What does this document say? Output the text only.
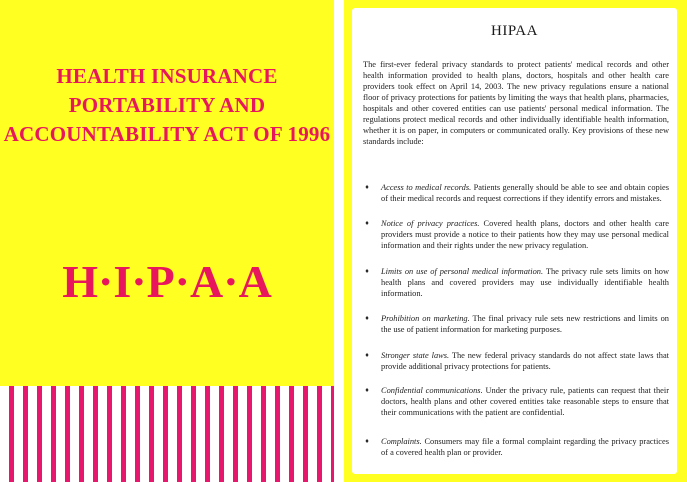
HEALTH INSURANCE
PORTABILITY AND
ACCOUNTABILITY ACT OF 1996
H·I·P·A·A
HIPAA

The first-ever federal privacy standards to protect patients' medical records and other health information provided to health plans, doctors, hospitals and other health care providers took effect on April 14, 2003. The new privacy regulations ensure a national floor of privacy protections for patients by limiting the ways that health plans, pharmacies, hospitals and other covered entities can use patients' personal medical information. The regulations protect medical records and other individually identifiable health information, whether it is on paper, in computers or communicated orally. Key provisions of these new standards include:

♦	Access to medical records. Patients generally should be able to see and obtain copies of their medical records and request corrections if they identify errors and mistakes.
♦	Notice of privacy practices. Covered health plans, doctors and other health care providers must provide a notice to their patients how they may use personal medical information and their rights under the new privacy regulation.
♦	Limits on use of personal medical information. The privacy rule sets limits on how health plans and covered providers may use individually identifiable health information.
♦	Prohibition on marketing. The final privacy rule sets new restrictions and limits on the use of patient information for marketing purposes.
♦	Stronger state laws. The new federal privacy standards do not affect state laws that provide additional privacy protections for patients.
♦	Confidential communications. Under the privacy rule, patients can request that their doctors, health plans and other covered entities take reasonable steps to ensure that their communications with the patient are confidential.
♦	Complaints. Consumers may file a formal complaint regarding the privacy practices of a covered health plan or provider.
